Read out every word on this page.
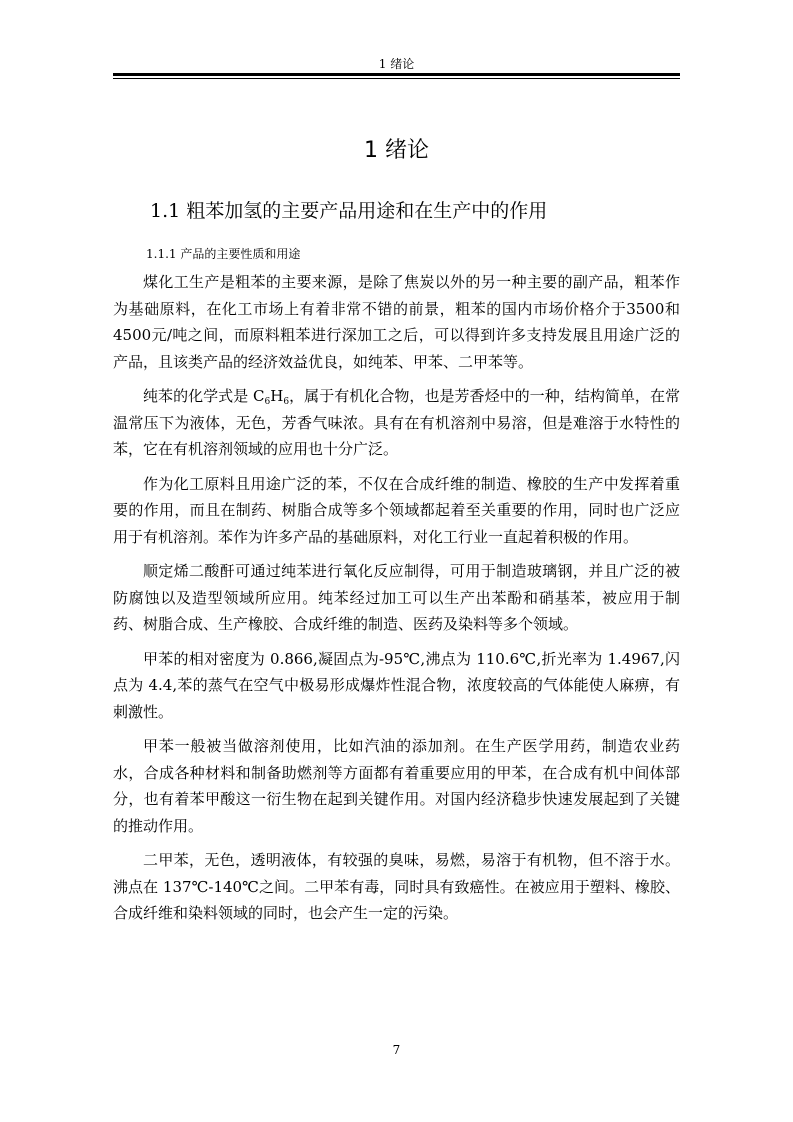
1 绪论
1 绪论
1.1 粗苯加氢的主要产品用途和在生产中的作用
1.1.1 产品的主要性质和用途

煤化工生产是粗苯的主要来源，是除了焦炭以外的另一种主要的副产品，粗苯作为基础原料，在化工市场上有着非常不错的前景，粗苯的国内市场价格介于3500和4500元/吨之间，而原料粗苯进行深加工之后，可以得到许多支持发展且用途广泛的产品，且该类产品的经济效益优良，如纯苯、甲苯、二甲苯等。

纯苯的化学式是 $C_6H_6$，属于有机化合物，也是芳香烃中的一种，结构简单，在常温常压下为液体，无色，芳香气味浓。具有在有机溶剂中易溶，但是难溶于水特性的苯，它在有机溶剂领域的应用也十分广泛。

作为化工原料且用途广泛的苯，不仅在合成纤维的制造、橡胶的生产中发挥着重要的作用，而且在制药、树脂合成等多个领域都起着至关重要的作用，同时也广泛应用于有机溶剂。苯作为许多产品的基础原料，对化工行业一直起着积极的作用。

顺定烯二酸酐可通过纯苯进行氧化反应制得，可用于制造玻璃钢，并且广泛的被防腐蚀以及造型领域所应用。纯苯经过加工可以生产出苯酚和硝基苯，被应用于制药、树脂合成、生产橡胶、合成纤维的制造、医药及染料等多个领域。

甲苯的相对密度为 0.866,凝固点为-95℃,沸点为 110.6℃,折光率为 1.4967,闪点为 4.4,苯的蒸气在空气中极易形成爆炸性混合物，浓度较高的气体能使人麻痹，有刺激性。

甲苯一般被当做溶剂使用，比如汽油的添加剂。在生产医学用药，制造农业药水，合成各种材料和制备助燃剂等方面都有着重要应用的甲苯，在合成有机中间体部分，也有着苯甲酸这一衍生物在起到关键作用。对国内经济稳步快速发展起到了关键的推动作用。

二甲苯，无色，透明液体，有较强的臭味，易燃，易溶于有机物，但不溶于水。沸点在 137℃-140℃之间。二甲苯有毒，同时具有致癌性。在被应用于塑料、橡胶、合成纤维和染料领域的同时，也会产生一定的污染。

7
